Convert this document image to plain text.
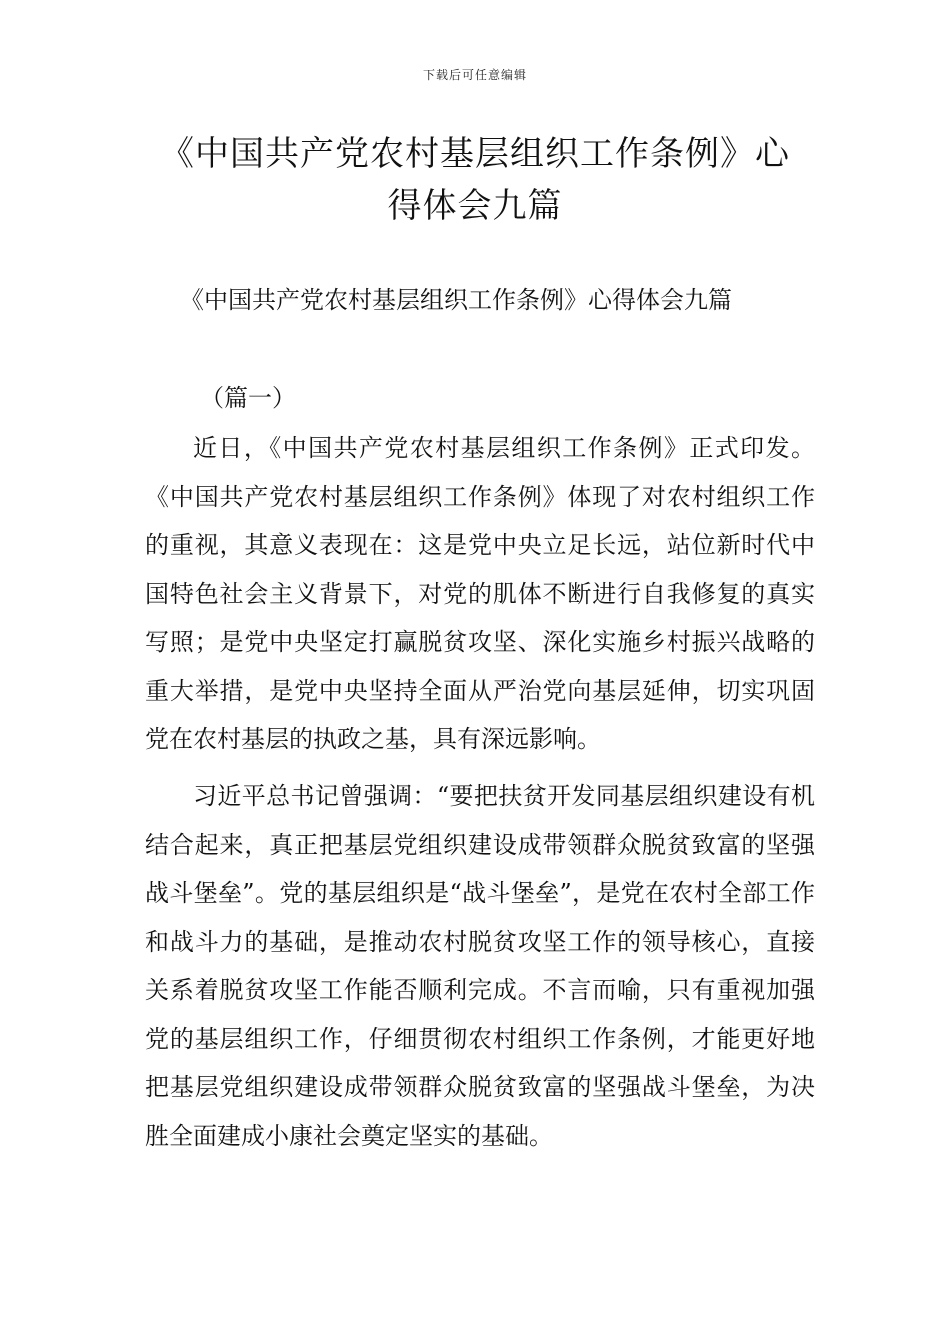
下载后可任意编辑
《中国共产党农村基层组织工作条例》心
得体会九篇
《中国共产党农村基层组织工作条例》心得体会九篇
（篇一）

近日，《中国共产党农村基层组织工作条例》正式印发。《中国共产党农村基层组织工作条例》体现了对农村组织工作的重视，其意义表现在：这是党中央立足长远，站位新时代中国特色社会主义背景下，对党的肌体不断进行自我修复的真实写照；是党中央坚定打赢脱贫攻坚、深化实施乡村振兴战略的重大举措，是党中央坚持全面从严治党向基层延伸，切实巩固党在农村基层的执政之基，具有深远影响。

习近平总书记曾强调：“要把扶贫开发同基层组织建设有机结合起来，真正把基层党组织建设成带领群众脱贫致富的坚强战斗堡垒”。党的基层组织是“战斗堡垒”，是党在农村全部工作和战斗力的基础，是推动农村脱贫攻坚工作的领导核心，直接关系着脱贫攻坚工作能否顺利完成。不言而喻，只有重视加强党的基层组织工作，仔细贯彻农村组织工作条例，才能更好地把基层党组织建设成带领群众脱贫致富的坚强战斗堡垒，为决胜全面建成小康社会奠定坚实的基础。
